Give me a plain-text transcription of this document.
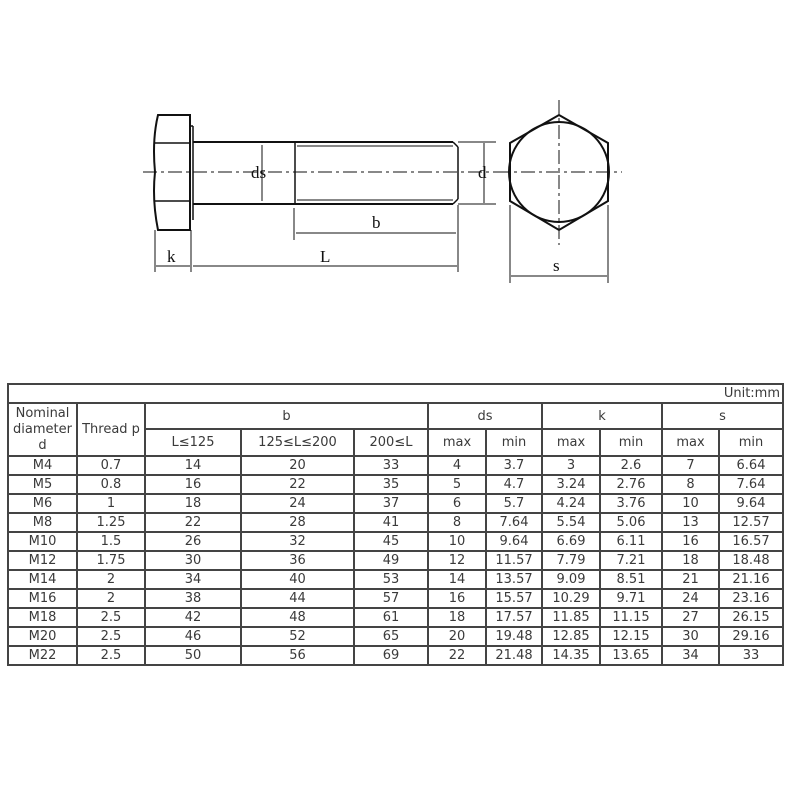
ds	d
b
k	L	s
Unit:mm										
Nominal diameter d	Thread p	b			ds		k		s	
		L≤125	125≤L≤200	200≤L	max	min	max	min	max	min
M4	0.7	14	20	33	4	3.7	3	2.6	7	6.64
M5	0.8	16	22	35	5	4.7	3.24	2.76	8	7.64
M6	1	18	24	37	6	5.7	4.24	3.76	10	9.64
M8	1.25	22	28	41	8	7.64	5.54	5.06	13	12.57
M10	1.5	26	32	45	10	9.64	6.69	6.11	16	16.57
M12	1.75	30	36	49	12	11.57	7.79	7.21	18	18.48
M14	2	34	40	53	14	13.57	9.09	8.51	21	21.16
M16	2	38	44	57	16	15.57	10.29	9.71	24	23.16
M18	2.5	42	48	61	18	17.57	11.85	11.15	27	26.15
M20	2.5	46	52	65	20	19.48	12.85	12.15	30	29.16
M22	2.5	50	56	69	22	21.48	14.35	13.65	34	33
